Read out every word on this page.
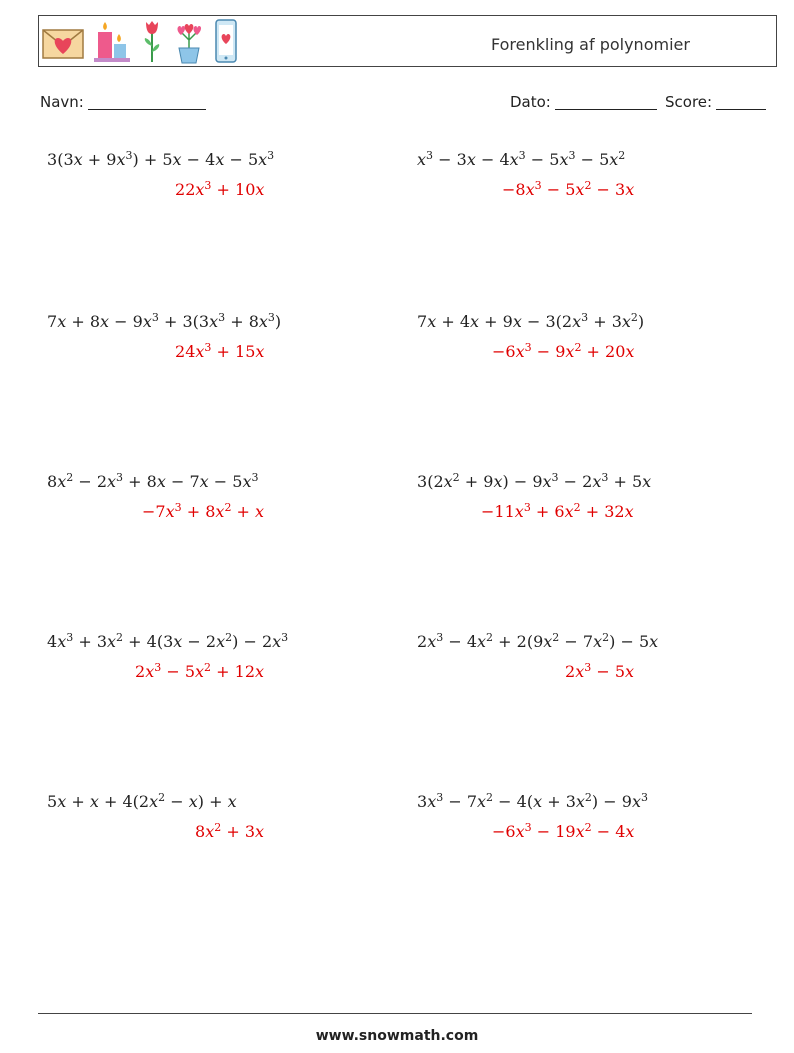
Forenkling af polynomier
Navn:	Dato:	Score:
$3(3x + 9x^3) + 5x - 4x - 5x^3$
$22x^3 + 10x$
$x^3 - 3x - 4x^3 - 5x^3 - 5x^2$
$-8x^3 - 5x^2 - 3x$
$7x + 8x - 9x^3 + 3(3x^3 + 8x^3)$
$24x^3 + 15x$
$7x + 4x + 9x - 3(2x^3 + 3x^2)$
$-6x^3 - 9x^2 + 20x$
$8x^2 - 2x^3 + 8x - 7x - 5x^3$
$-7x^3 + 8x^2 + x$
$3(2x^2 + 9x) - 9x^3 - 2x^3 + 5x$
$-11x^3 + 6x^2 + 32x$
$4x^3 + 3x^2 + 4(3x - 2x^2) - 2x^3$
$2x^3 - 5x^2 + 12x$
$2x^3 - 4x^2 + 2(9x^2 - 7x^2) - 5x$
$2x^3 - 5x$
$5x + x + 4(2x^2 - x) + x$
$8x^2 + 3x$
$3x^3 - 7x^2 - 4(x + 3x^2) - 9x^3$
$-6x^3 - 19x^2 - 4x$
www.snowmath.com
